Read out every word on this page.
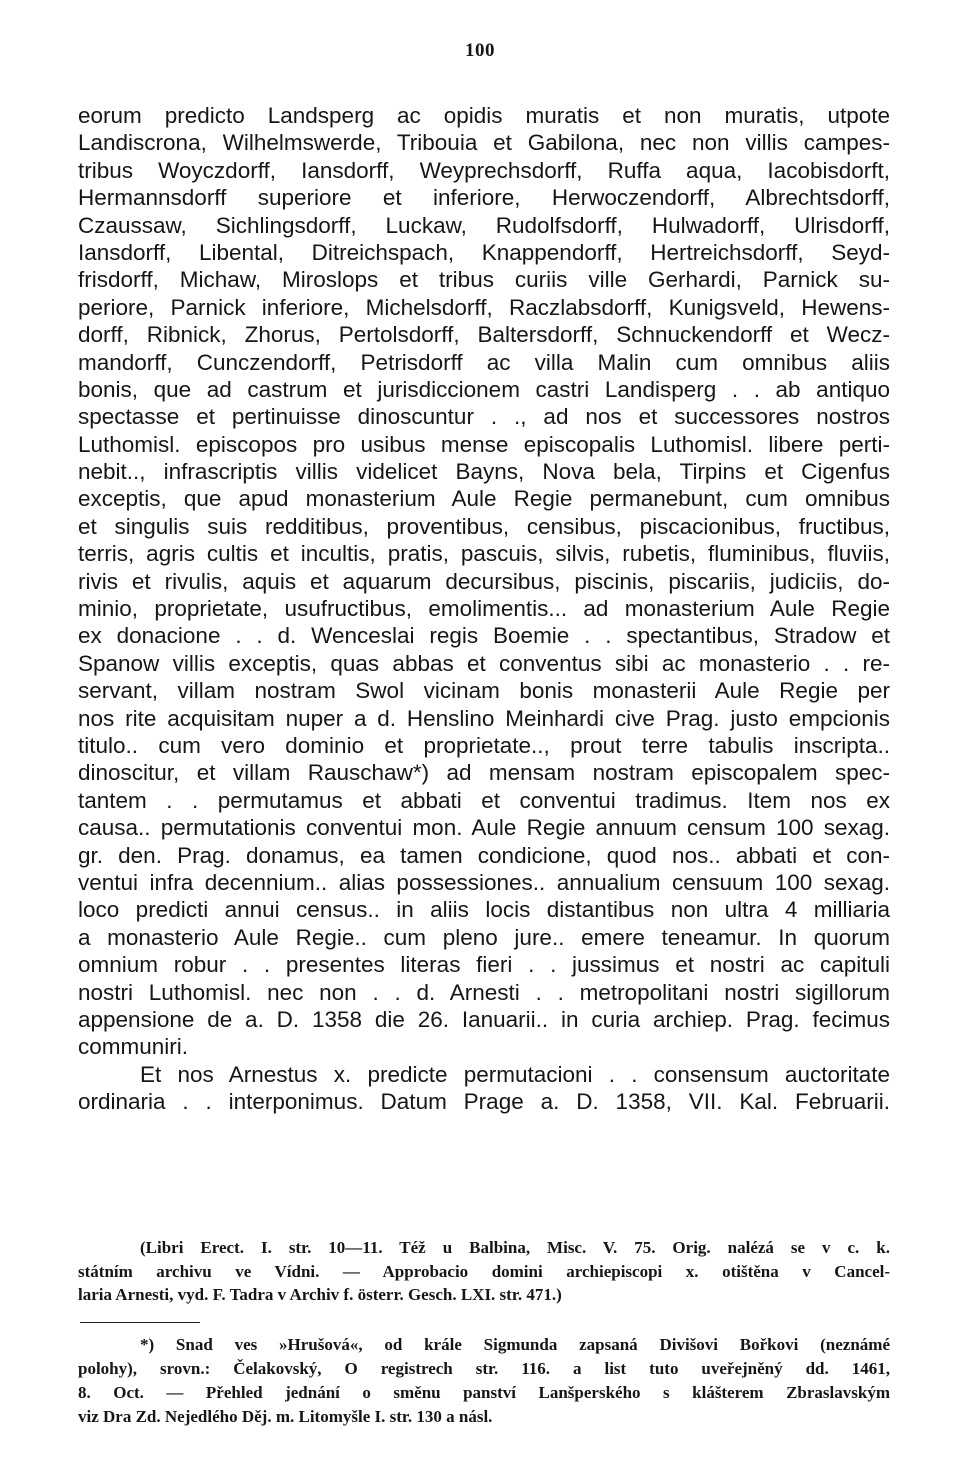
100
eorum predicto Landsperg ac opidis muratis et non muratis, utpote
Landiscrona, Wilhelmswerde, Tribouia et Gabilona, nec non villis campes-
tribus Woyczdorff, Iansdorff, Weyprechsdorff, Ruffa aqua, Iacobisdorft,
Hermannsdorff superiore et inferiore, Herwoczendorff, Albrechtsdorff,
Czaussaw, Sichlingsdorff, Luckaw, Rudolfsdorff, Hulwadorff, Ulrisdorff,
Iansdorff, Libental, Ditreichspach, Knappendorff, Hertreichsdorff, Seyd-
frisdorff, Michaw, Miroslops et tribus curiis ville Gerhardi, Parnick su-
periore, Parnick inferiore, Michelsdorff, Raczlabsdorff, Kunigsveld, Hewens-
dorff, Ribnick, Zhorus, Pertolsdorff, Baltersdorff, Schnuckendorff et Wecz-
mandorff, Cunczendorff, Petrisdorff ac villa Malin cum omnibus aliis
bonis, que ad castrum et jurisdiccionem castri Landisperg . . ab antiquo
spectasse et pertinuisse dinoscuntur . ., ad nos et successores nostros
Luthomisl. episcopos pro usibus mense episcopalis Luthomisl. libere perti-
nebit.., infrascriptis villis videlicet Bayns, Nova bela, Tirpins et Cigenfus
exceptis, que apud monasterium Aule Regie permanebunt, cum omnibus
et singulis suis redditibus, proventibus, censibus, piscacionibus, fructibus,
terris, agris cultis et incultis, pratis, pascuis, silvis, rubetis, fluminibus, fluviis,
rivis et rivulis, aquis et aquarum decursibus, piscinis, piscariis, judiciis, do-
minio, proprietate, usufructibus, emolimentis... ad monasterium Aule Regie
ex donacione . . d. Wenceslai regis Boemie . . spectantibus, Stradow et
Spanow villis exceptis, quas abbas et conventus sibi ac monasterio . . re-
servant, villam nostram Swol vicinam bonis monasterii Aule Regie per
nos rite acquisitam nuper a d. Henslino Meinhardi cive Prag. justo empcionis
titulo.. cum vero dominio et proprietate.., prout terre tabulis inscripta..
dinoscitur, et villam Rauschaw*) ad mensam nostram episcopalem spec-
tantem . . permutamus et abbati et conventui tradimus. Item nos ex
causa.. permutationis conventui mon. Aule Regie annuum censum 100 sexag.
gr. den. Prag. donamus, ea tamen condicione, quod nos.. abbati et con-
ventui infra decennium.. alias possessiones.. annualium censuum 100 sexag.
loco predicti annui census.. in aliis locis distantibus non ultra 4 milliaria
a monasterio Aule Regie.. cum pleno jure.. emere teneamur. In quorum
omnium robur . . presentes literas fieri . . jussimus et nostri ac capituli
nostri Luthomisl. nec non . . d. Arnesti . . metropolitani nostri sigillorum
appensione de a. D. 1358 die 26. Ianuarii.. in curia archiep. Prag. fecimus
communiri.
Et nos Arnestus x. predicte permutacioni . . consensum auctoritate
ordinaria . . interponimus. Datum Prage a. D. 1358, VII. Kal. Februarii.
(Libri Erect. I. str. 10—11. Též u Balbina, Misc. V. 75. Orig. nalézá se v c. k.
státním archivu ve Vídni. — Approbacio domini archiepiscopi x. otištěna v Cancel-
laria Arnesti, vyd. F. Tadra v Archiv f. österr. Gesch. LXI. str. 471.)
*) Snad ves »Hrušová«, od krále Sigmunda zapsaná Divišovi Bořkovi (neznámé
polohy), srovn.: Čelakovský, O registrech str. 116. a list tuto uveřejněný dd. 1461,
8. Oct. — Přehled jednání o směnu panství Lanšperského s klášterem Zbraslavským
viz Dra Zd. Nejedlého Děj. m. Litomyšle I. str. 130 a násl.
